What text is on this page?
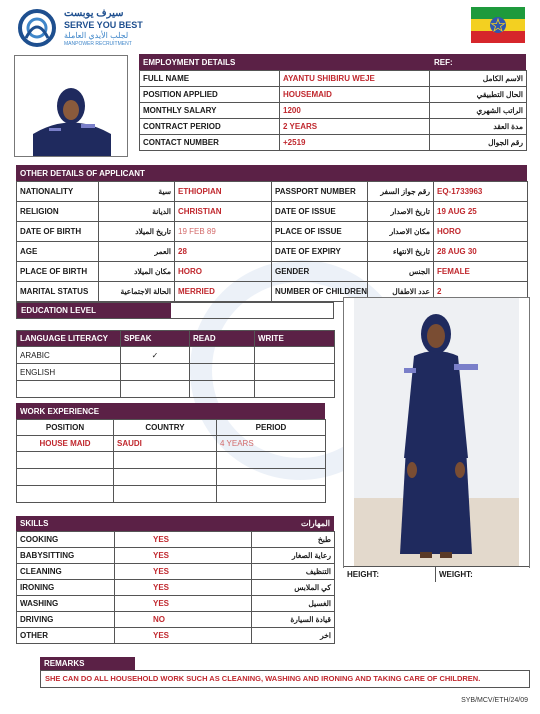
سيرف يوبست
SERVE YOU BEST
لجلب الأيدي العاملة
MANPOWER RECRUITMENT
EMPLOYMENT DETAILS	REF:
FULL NAME	AYANTU SHIBIRU WEJE	الاسم الكامل
POSITION APPLIED	HOUSEMAID	الحال التطبيقي
MONTHLY SALARY	1200	الراتب الشهري
CONTRACT PERIOD	2 YEARS	مدة العقد
CONTACT NUMBER	+2519	رقم الجوال
OTHER DETAILS OF APPLICANT
NATIONALITY	سية	ETHIOPIAN	PASSPORT NUMBER	رقم جواز السفر	EQ-1733963
RELIGION	الديانة	CHRISTIAN	DATE OF ISSUE	تاريخ الاصدار	19 AUG 25
DATE OF BIRTH	تاريخ الميلاد	19 FEB 89	PLACE OF ISSUE	مكان الاصدار	HORO
AGE	العمر	28	DATE OF EXPIRY	تاريخ الانتهاء	28 AUG 30
PLACE OF BIRTH	مكان الميلاد	HORO	GENDER	الجنس	FEMALE
MARITAL STATUS	الحالة الاجتماعية	MERRIED	NUMBER OF CHILDREN	عدد الاطفال	2
EDUCATION LEVEL
LANGUAGE LITERACY	SPEAK	READ	WRITE
ARABIC	✓		
ENGLISH			

WORK EXPERIENCE
POSITION	COUNTRY	PERIOD
HOUSE MAID	SAUDI	4 YEARS

HEIGHT:	WEIGHT:
SKILLS	المهارات
COOKING	YES	طبخ
BABYSITTING	YES	رعاية الصغار
CLEANING	YES	التنظيف
IRONING	YES	كي الملابس
WASHING	YES	الغسيل
DRIVING	NO	قيادة السيارة
OTHER	YES	اخر
REMARKS
SHE CAN DO ALL HOUSEHOLD WORK SUCH AS CLEANING, WASHING AND IRONING AND TAKING CARE OF CHILDREN.
SYB/MCV/ETH/24/09
